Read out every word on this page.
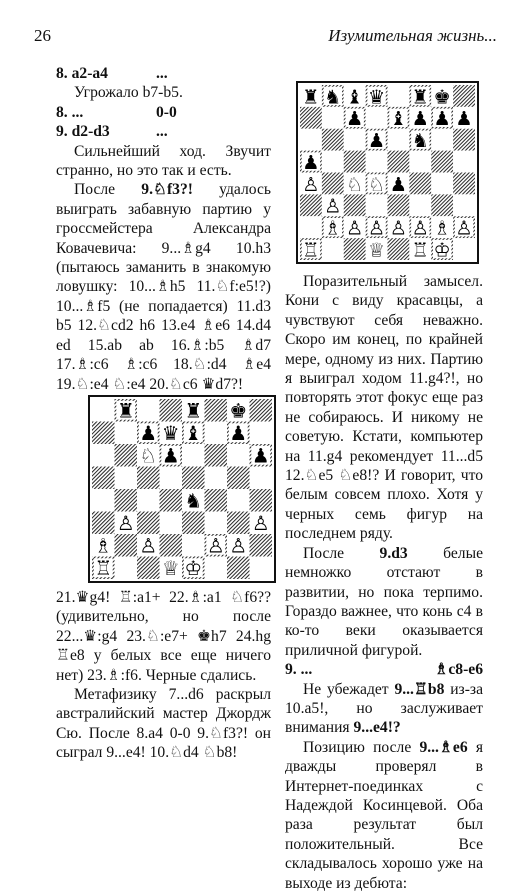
26	Изумительная жизнь...
8. a2-a4	...

Угрожало b7-b5.

8. ...	0-0
9. d2-d3	...

Сильнейший ход. Звучит странно, но это так и есть.

После 9.♘f3?! удалось выиграть забавную партию у гроссмейстера Александра Ковачевича: 9...♗g4 10.h3 (пытаюсь заманить в знакомую ловушку: 10...♗h5 11.♘f:e5!?) 10...♗f5 (не попадается) 11.d3 b5 12.♘cd2 h6 13.e4 ♗e6 14.d4 ed 15.ab ab 16.♗:b5 ♗d7 17.♗:c6 ♗:c6 18.♘:d4 ♗e4 19.♘:e4 ♘:e4 20.♘c6 ♛d7?!

21.♛g4! ♖:a1+ 22.♗:a1 ♘f6?? (удивительно, но после 22...♛:g4 23.♘:e7+ ♚h7 24.hg ♖e8 у белых все еще ничего нет) 23.♗:f6. Черные сдались.

Метафизику 7...d6 раскрыл австралийский мастер Джордж Сю. После 8.a4 0-0 9.♘f3?! он сыграл 9...e4! 10.♘d4 ♘b8!

Поразительный замысел. Кони с виду красавцы, а чувствуют себя неважно. Скоро им конец, по крайней мере, одному из них. Партию я выиграл ходом 11.g4?!, но повторять этот фокус еще раз не собираюсь. И никому не советую. Кстати, компьютер на 11.g4 рекомендует 11...d5 12.♘e5 ♘e8!? И говорит, что белым совсем плохо. Хотя у черных семь фигур на последнем ряду.

После 9.d3 белые немножко отстают в развитии, но пока терпимо. Гораздо важнее, что конь c4 в ко-то веки оказывается приличной фигурой.

9. ...	♗c8-e6

Не убежадет 9...♖b8 из-за 10.a5!, но заслуживает внимания 9...e4!?

Позицию после 9...♗e6 я дважды проверял в Интернет-поединках с Надеждой Косинцевой. Оба раза результат был положительный. Все складывалось хорошо уже на выходе из дебюта:
